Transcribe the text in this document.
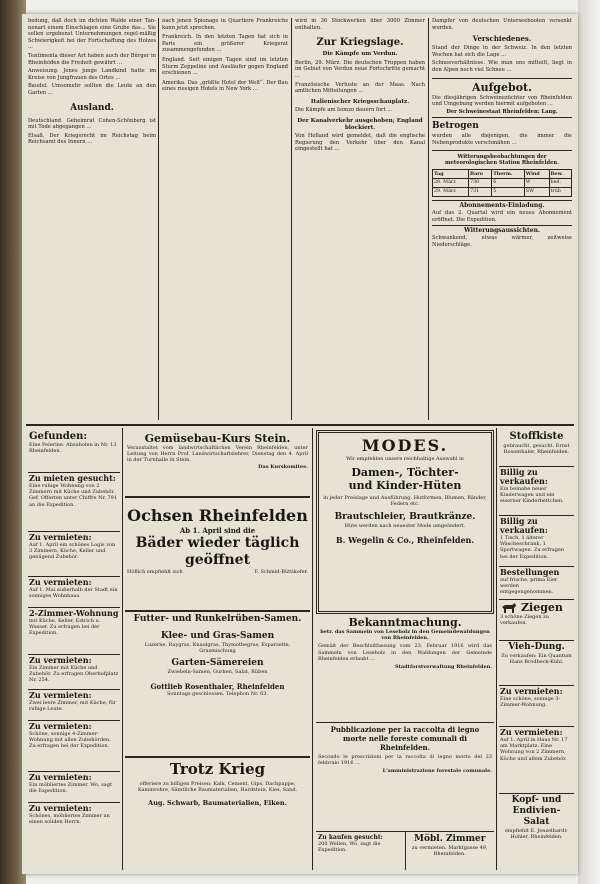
bedung, daß doch im dichten Walde einer Tan-nenart einem Einschlagen eine Grube das... Sie sollen ergebenst Unternehmungen regel-mäßig Schwierigkeit bei der Fortschaffung des Holzes ...

Tentimenta dieser Art haben auch der Bürger in Rheinfelden die Freiheit gewährt ...

Anweisung. Jenes junge Landkind hatte im Kreise von Jungfrauen des Ortes ...

Baudel. Umsomehr sollten die Leute an den Garten ...

Ausland.

Deutschland. Geheimrat Cohen-Schönberg ist mit Tode abgegangen ...

Elsaß. Der Kriegsrecht im Reichstag beim Reichsamt des Innern ...

nach jenen Spionage in Quartiere Frankreichs kann jetzt sprechen.

Frankreich. In den letzten Tagen hat sich in Paris ein größerer Kriegsrat zusammengefunden ...

England. Seit einigen Tagen sind im letzten Sturm Zeppeline und Ausläufer gegen England erschienen ...

Amerika. Das „größte Hotel der Welt“. Der Bau eines riesigen Hotels in New York ...

wird in 36 Stockwerken über 3000 Zimmer enthalten.

Zur Kriegslage.
Die Kämpfe um Verdun.

Berlin, 29. März. Die deutschen Truppen haben im Gebiet von Verdun neue Fortschritte gemacht ...

Französische Verluste an der Maas. Nach amtlichen Mitteilungen ...

Italienischer Kriegsschauplatz.

Die Kämpfe am Isonzo dauern fort ...

Der Kanalverkehr ausgehoben; England blockiert.

Von Holland wird gemeldet, daß die englische Regierung den Verkehr über den Kanal eingestellt hat ...

Dampfer von deutschen Unterseebooten versenkt worden.

Verschiedenes.

Stand der Dinge in der Schweiz. In den letzten Wochen hat sich die Lage ...

Schneeverhältnisse. Wie man uns mitteilt, liegt in den Alpen noch viel Schnee ...

Aufgebot.

Die diesjährigen Schweinezüchter von Rheinfelden und Umgebung werden hiermit aufgeboten ...

Der Schweinestaat Rheinfelden: Lang.
Betrogen

wurden alle diejenigen, die immer die Nebenprodukte verschmähen ...

Witterungsbeobachtungen der meteorologischen Station Rheinfelden.
Tag	Baro	Therm.	Wind	Bew.
28. März	730	6	W	bed.
29. März	731	5	SW	trüb
Abonnements-Einladung.

Auf das 2. Quartal wird ein neues Abonnement eröffnet. Die Expedition.

Witterungsaussichten.

Schwankend, etwas wärmer, zeitweise Niederschläge.

Gefunden:
Eine Pelerine. Abzuholen in Nr. 13 Rheinfelden.
Zu mieten gesucht:
Eine ruhige Wohnung von 2 Zimmern mit Küche und Zubehör. Gef. Offerten unter Chiffre Nr. 791 an die Expedition.
Zu vermieten:
Auf 1. April ein schönes Logis von 3 Zimmern, Küche, Keller und genügend Zubehör.
Zu vermieten:
Auf 1. Mai außerhalb der Stadt ein sonniges Wohnhaus.
2-Zimmer-Wohnung
mit Küche, Keller, Estrich u. Wasser. Zu erfragen bei der Expedition.
Zu vermieten:
Ein Zimmer mit Küche und Zubehör. Zu erfragen Oberhofplatz Nr. 254.
Zu vermieten:
Zwei leere Zimmer, mit Küche, für ruhige Leute.
Zu vermieten:
Schöne, sonnige 4-Zimmer-Wohnung mit allen Zubehörden. Zu erfragen bei der Expedition.
Zu vermieten:
Ein möbliertes Zimmer. Wo, sagt die Expedition.
Zu vermieten:
Schönes, möbliertes Zimmer an einen soliden Herrn.
Gemüsebau-Kurs Stein.
Veranstaltet vom landwirtschaftlichen Verein Rheinfelden, unter Leitung von Herrn Prof. Landwirtschaftslehrer, Dienstag den 4. April in der Turnhalle in Stein.
Das Kurskomitee.
Ochsen Rheinfelden
Ab 1. April sind die
Bäder wieder täglich
geöffnet
Höflich empfiehlt sich	F. Schmid-Büttikofer.
Futter- und Runkelrüben-Samen.
Klee- und Gras-Samen
Luzerne, Raygras, Knaulgras, Thymothegras, Esparsette, Grasmischung
Garten-Sämereien
Zwiebeln-Samen, Gurken, Salat, Rüben
Gottlieb Rosenthaler, Rheinfelden
Sonntags geschlossen. Telephon Nr. 63.
Trotz Krieg
offeriere zu billigen Preisen: Kalk, Cement, Gips, Dachpappe, Kaminrohre, Sämtliche Baumaterialien, Hardstein, Kies, Sand.
Aug. Schwarb, Baumaterialien, Eiken.
MODES.
Wir empfehlen unsere reichhaltige Auswahl in
Damen-, Töchter-
und Kinder-Hüten
in jeder Preislage und Ausführung. Hutformen, Blumen, Bänder, Federn etc.
Brautschleier, Brautkränze.
Hüte werden nach neuester Mode umgeändert.
B. Wegelin & Co., Rheinfelden.
Bekanntmachung.
betr. das Sammeln von Leseholz in den Gemeindewaldungen von Rheinfelden.
Gemäß der Beschlußfassung vom 23. Februar 1916 wird das Sammeln von Leseholz in den Waldungen der Gemeinde Rheinfelden erlaubt ...
Stadtforstverwaltung Rheinfelden.
Pubblicazione per la raccolta di legno morte nelle foreste comunali di Rheinfelden.
Secondo le prescrizioni per la raccolta di legno morto del 23 febbraio 1916 ...
L'amministrazione forestale comunale.
Zu kaufen gesucht:
200 Wellen, Wo, sagt die Expedition.
Möbl. Zimmer
zu vermieten. Marktgasse 49, Rheinfelden.
Stoffkiste
gebraucht, gesucht. Ernst Rosenthaler, Rheinfelden.
Billig zu verkaufen:
Ein beinahe neuer Kinderwagen und ein eiserner Kinderbettchen.
Billig zu verkaufen:
1 Tisch, 1 älterer Wäscheschrank, 1 Sportwagen. Zu erfragen bei der Expedition.
Bestellungen
auf frische, prima Eier werden entgegengenommen.
Ziegen
3 schöne Ziegen zu verkaufen.
Vieh-Dung.
Zu verkaufen: Ein Quantum Hans Brodbeck-Kühl.
Zu vermieten:
Eine schöne, sonnige 3-Zimmer-Wohnung.
Zu vermieten:
Auf 1. April in Haus Nr. 17 am Marktplatz: Eine Wohnung von 2 Zimmern, Küche und allem Zubehör.
Kopf- und Endivien-Salat
empfiehlt E. Jenzelhardt-Hohler, Rheinfelden.
